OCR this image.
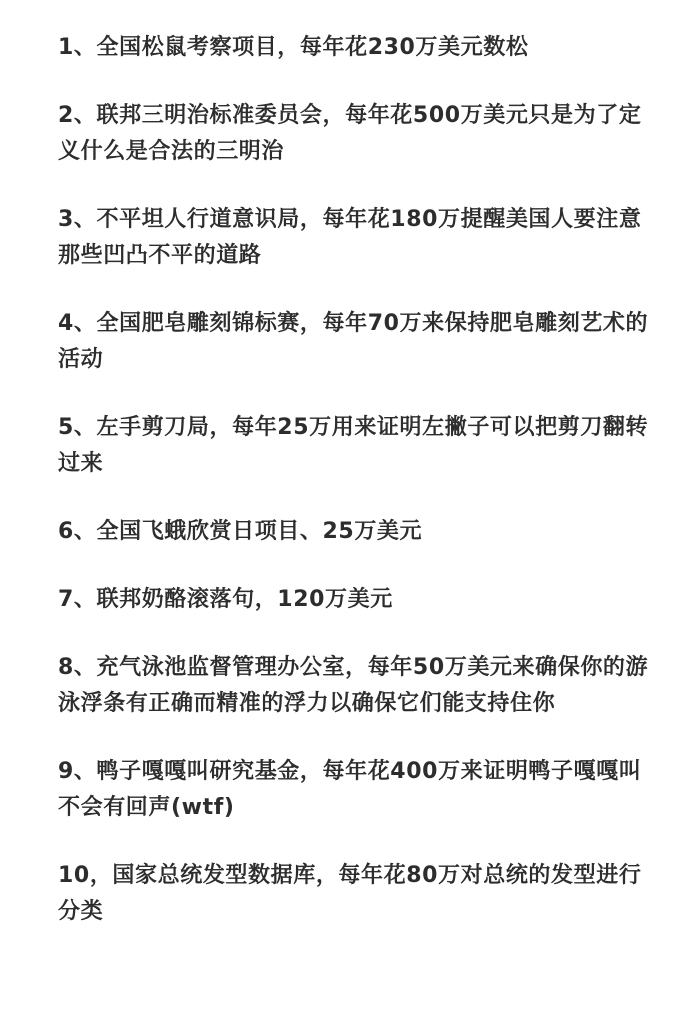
1、全国松鼠考察项目，每年花230万美元数松
2、联邦三明治标准委员会，每年花500万美元只是为了定义什么是合法的三明治
3、不平坦人行道意识局，每年花180万提醒美国人要注意那些凹凸不平的道路
4、全国肥皂雕刻锦标赛，每年70万来保持肥皂雕刻艺术的活动
5、左手剪刀局，每年25万用来证明左撇子可以把剪刀翻转过来
6、全国飞蛾欣赏日项目、25万美元
7、联邦奶酪滚落句，120万美元
8、充气泳池监督管理办公室，每年50万美元来确保你的游泳浮条有正确而精准的浮力以确保它们能支持住你
9、鸭子嘎嘎叫研究基金，每年花400万来证明鸭子嘎嘎叫不会有回声(wtf)
10，国家总统发型数据库，每年花80万对总统的发型进行分类
